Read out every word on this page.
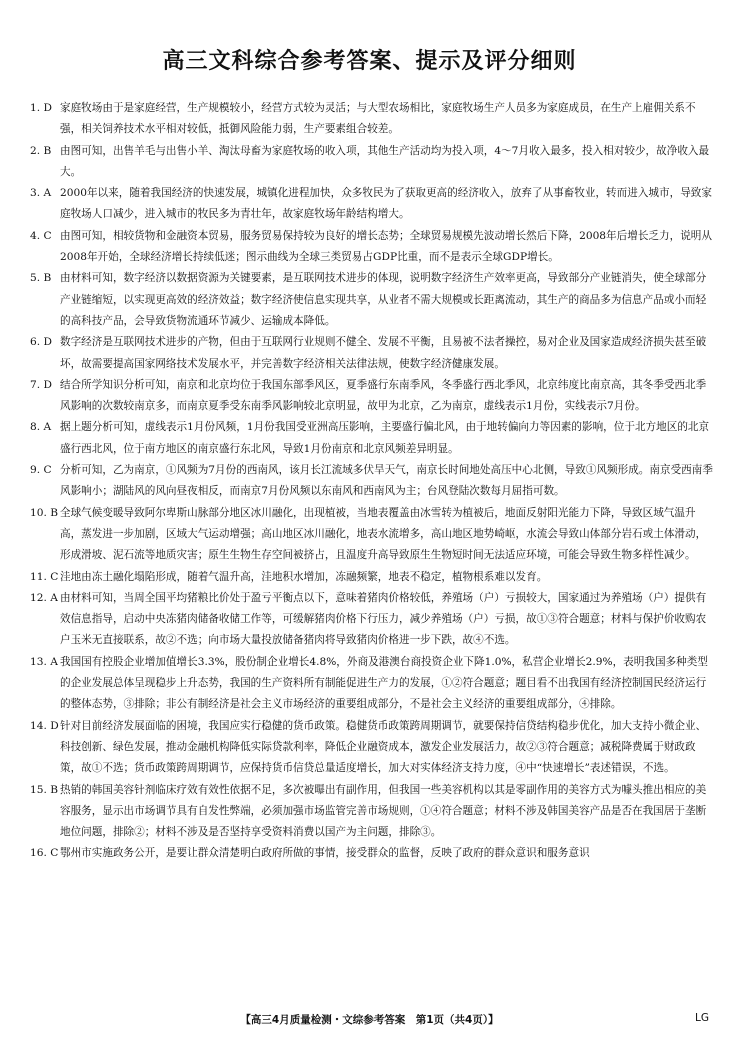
高三文科综合参考答案、提示及评分细则
1. D 家庭牧场由于是家庭经营，生产规模较小，经营方式较为灵活；与大型农场相比，家庭牧场生产人员多为家庭成员，在生产上雇佣关系不强，相关饲养技术水平相对较低，抵御风险能力弱，生产要素组合较差。
2. B 由图可知，出售羊毛与出售小羊、淘汰母畜为家庭牧场的收入项，其他生产活动均为投入项，4～7月收入最多，投入相对较少，故净收入最大。
3. A 2000年以来，随着我国经济的快速发展，城镇化进程加快，众多牧民为了获取更高的经济收入，放弃了从事畜牧业，转而进入城市，导致家庭牧场人口减少，进入城市的牧民多为青壮年，故家庭牧场年龄结构增大。
4. C 由图可知，相较货物和金融资本贸易，服务贸易保持较为良好的增长态势；全球贸易规模先波动增长然后下降，2008年后增长乏力，说明从2008年开始，全球经济增长持续低迷；图示曲线为全球三类贸易占GDP比重，而不是表示全球GDP增长。
5. B 由材料可知，数字经济以数据资源为关键要素，是互联网技术进步的体现，说明数字经济生产效率更高，导致部分产业链消失，使全球部分产业链缩短，以实现更高效的经济效益；数字经济使信息实现共享，从业者不需大规模或长距离流动，其生产的商品多为信息产品或小而轻的高科技产品，会导致货物流通环节减少、运输成本降低。
6. D 数字经济是互联网技术进步的产物，但由于互联网行业规则不健全、发展不平衡，且易被不法者操控，易对企业及国家造成经济损失甚至破坏，故需要提高国家网络技术发展水平，并完善数字经济相关法律法规，使数字经济健康发展。
7. D 结合所学知识分析可知，南京和北京均位于我国东部季风区，夏季盛行东南季风，冬季盛行西北季风，北京纬度比南京高，其冬季受西北季风影响的次数较南京多，而南京夏季受东南季风影响较北京明显，故甲为北京，乙为南京，虚线表示1月份，实线表示7月份。
8. A 据上题分析可知，虚线表示1月份风频，1月份我国受亚洲高压影响，主要盛行偏北风，由于地转偏向力等因素的影响，位于北方地区的北京盛行西北风，位于南方地区的南京盛行东北风，导致1月份南京和北京风频差异明显。
9. C 分析可知，乙为南京，①风频为7月份的西南风，该月长江流域多伏旱天气，南京长时间地处高压中心北侧，导致①风频形成。南京受西南季风影响小；湖陆风的风向昼夜相反，而南京7月份风频以东南风和西南风为主；台风登陆次数每月屈指可数。
10. B 全球气候变暖导致阿尔卑斯山脉部分地区冰川融化，出现植被，当地表覆盖由冰雪转为植被后，地面反射阳光能力下降，导致区域气温升高，蒸发进一步加剧，区域大气运动增强；高山地区冰川融化，地表水流增多，高山地区地势崎岖，水流会导致山体部分岩石或土体滑动，形成滑坡、泥石流等地质灾害；原生生物生存空间被挤占，且温度升高导致原生生物短时间无法适应环境，可能会导致生物多样性减少。
11. C 洼地由冻土融化塌陷形成，随着气温升高，洼地积水增加，冻融频繁，地表不稳定，植物根系难以发育。
12. A 由材料可知，当周全国平均猪粮比价处于盈亏平衡点以下，意味着猪肉价格较低，养殖场（户）亏损较大，国家通过为养殖场（户）提供有效信息指导，启动中央冻猪肉储备收储工作等，可缓解猪肉价格下行压力，减少养殖场（户）亏损，故①③符合题意；材料与保护价收购农户玉米无直接联系，故②不选；向市场大量投放储备猪肉将导致猪肉价格进一步下跌，故④不选。
13. A 我国国有控股企业增加值增长3.3%，股份制企业增长4.8%，外商及港澳台商投资企业下降1.0%，私营企业增长2.9%，表明我国多种类型的企业发展总体呈现稳步上升态势，我国的生产资料所有制能促进生产力的发展，①②符合题意；题目看不出我国有经济控制国民经济运行的整体态势，③排除；非公有制经济是社会主义市场经济的重要组成部分，不是社会主义经济的重要组成部分，④排除。
14. D 针对目前经济发展面临的困境，我国应实行稳健的货币政策。稳健货币政策跨周期调节，就要保持信贷结构稳步优化，加大支持小微企业、科技创新、绿色发展，推动金融机构降低实际贷款利率，降低企业融资成本，激发企业发展活力，故②③符合题意；减税降费属于财政政策，故①不选；货币政策跨周期调节，应保持货币信贷总量适度增长，加大对实体经济支持力度，④中“快速增长”表述错误，不选。
15. B 热销的韩国美容针剂临床疗效有效性依据不足，多次被曝出有副作用，但我国一些美容机构以其是零副作用的美容方式为噱头推出相应的美容服务，显示出市场调节具有自发性弊端，必须加强市场监管完善市场规则，①④符合题意；材料不涉及韩国美容产品是否在我国居于垄断地位问题，排除②；材料不涉及是否坚持享受资料消费以国产为主问题，排除③。
16. C 鄂州市实施政务公开，是要让群众清楚明白政府所做的事情，接受群众的监督，反映了政府的群众意识和服务意识
【高三4月质量检测・文综参考答案　第1页（共4页）】	LG
